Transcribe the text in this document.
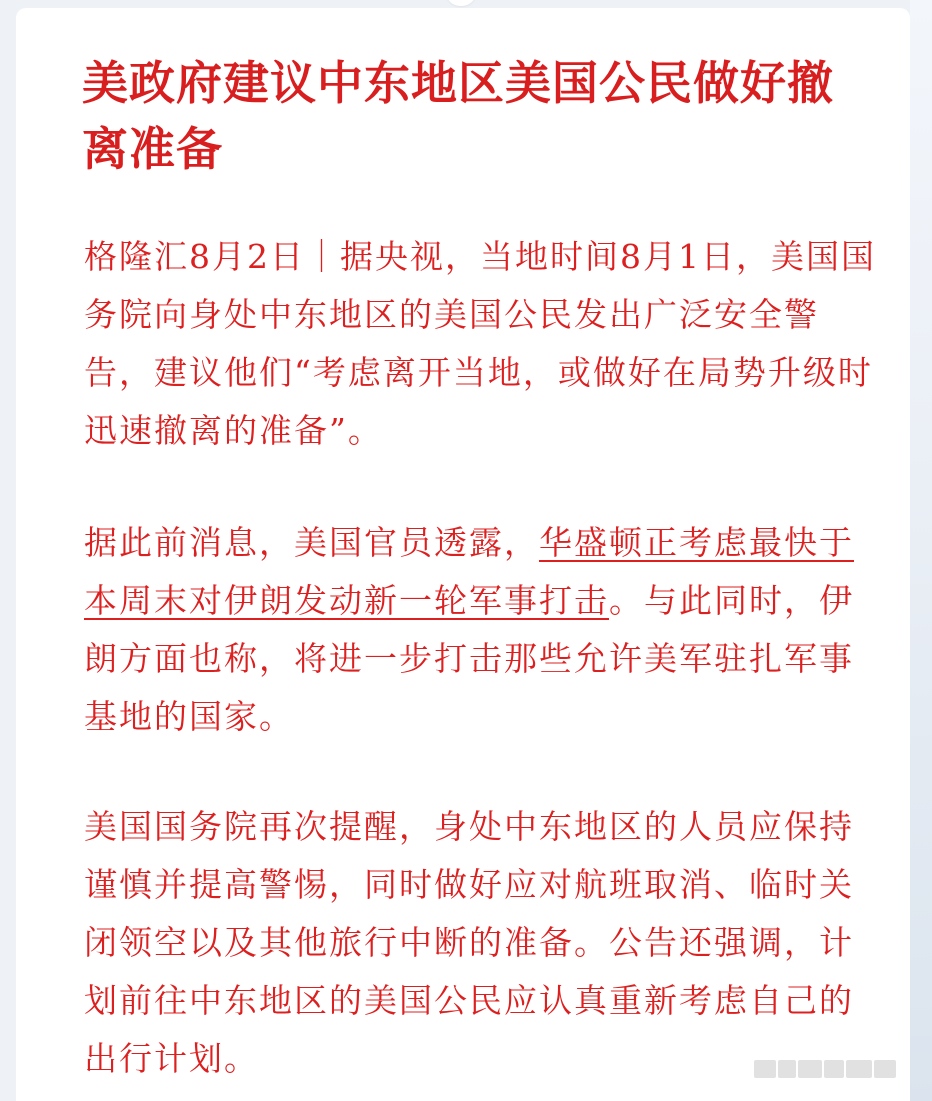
美政府建议中东地区美国公民做好撤离准备

格隆汇8月2日｜据央视，当地时间8月1日，美国国务院向身处中东地区的美国公民发出广泛安全警告，建议他们“考虑离开当地，或做好在局势升级时迅速撤离的准备”。

据此前消息，美国官员透露，华盛顿正考虑最快于本周末对伊朗发动新一轮军事打击。与此同时，伊朗方面也称，将进一步打击那些允许美军驻扎军事基地的国家。

美国国务院再次提醒，身处中东地区的人员应保持谨慎并提高警惕，同时做好应对航班取消、临时关闭领空以及其他旅行中断的准备。公告还强调，计划前往中东地区的美国公民应认真重新考虑自己的出行计划。
